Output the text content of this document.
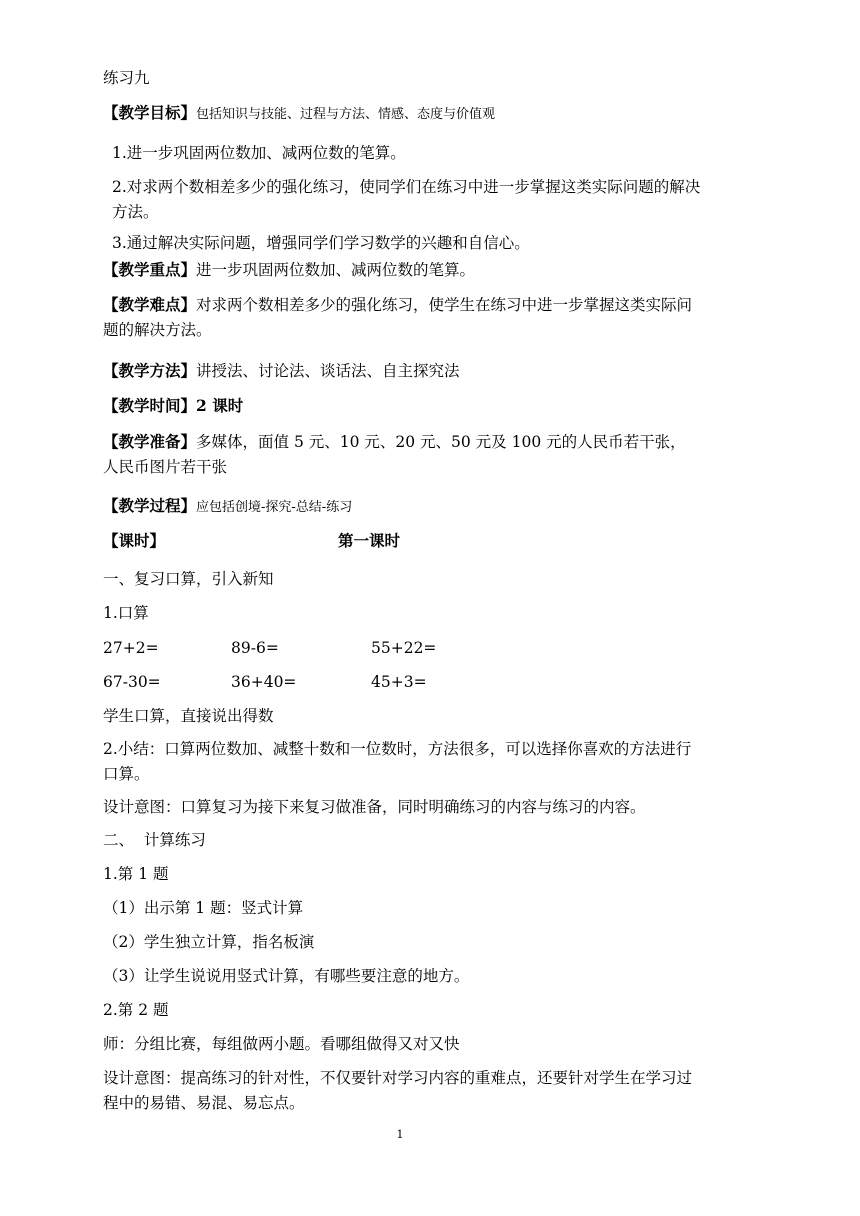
练习九
【教学目标】包括知识与技能、过程与方法、情感、态度与价值观
1.进一步巩固两位数加、减两位数的笔算。
2.对求两个数相差多少的强化练习，使同学们在练习中进一步掌握这类实际问题的解决方法。
3.通过解决实际问题，增强同学们学习数学的兴趣和自信心。
【教学重点】进一步巩固两位数加、减两位数的笔算。
【教学难点】对求两个数相差多少的强化练习，使学生在练习中进一步掌握这类实际问题的解决方法。
【教学方法】讲授法、讨论法、谈话法、自主探究法
【教学时间】2 课时
【教学准备】多媒体，面值 5 元、10 元、20 元、50 元及 100 元的人民币若干张，人民币图片若干张
【教学过程】应包括创境-探究-总结-练习
【课时】	第一课时
一、复习口算，引入新知
1.口算
27+2=	89-6=	55+22=
67-30=	36+40=	45+3=
学生口算，直接说出得数
2.小结：口算两位数加、减整十数和一位数时，方法很多，可以选择你喜欢的方法进行口算。
设计意图：口算复习为接下来复习做准备，同时明确练习的内容与练习的内容。
二、  计算练习
1.第 1 题
（1）出示第 1 题：竖式计算
（2）学生独立计算，指名板演
（3）让学生说说用竖式计算，有哪些要注意的地方。
2.第 2 题
师：分组比赛，每组做两小题。看哪组做得又对又快
设计意图：提高练习的针对性，不仅要针对学习内容的重难点，还要针对学生在学习过程中的易错、易混、易忘点。
1
